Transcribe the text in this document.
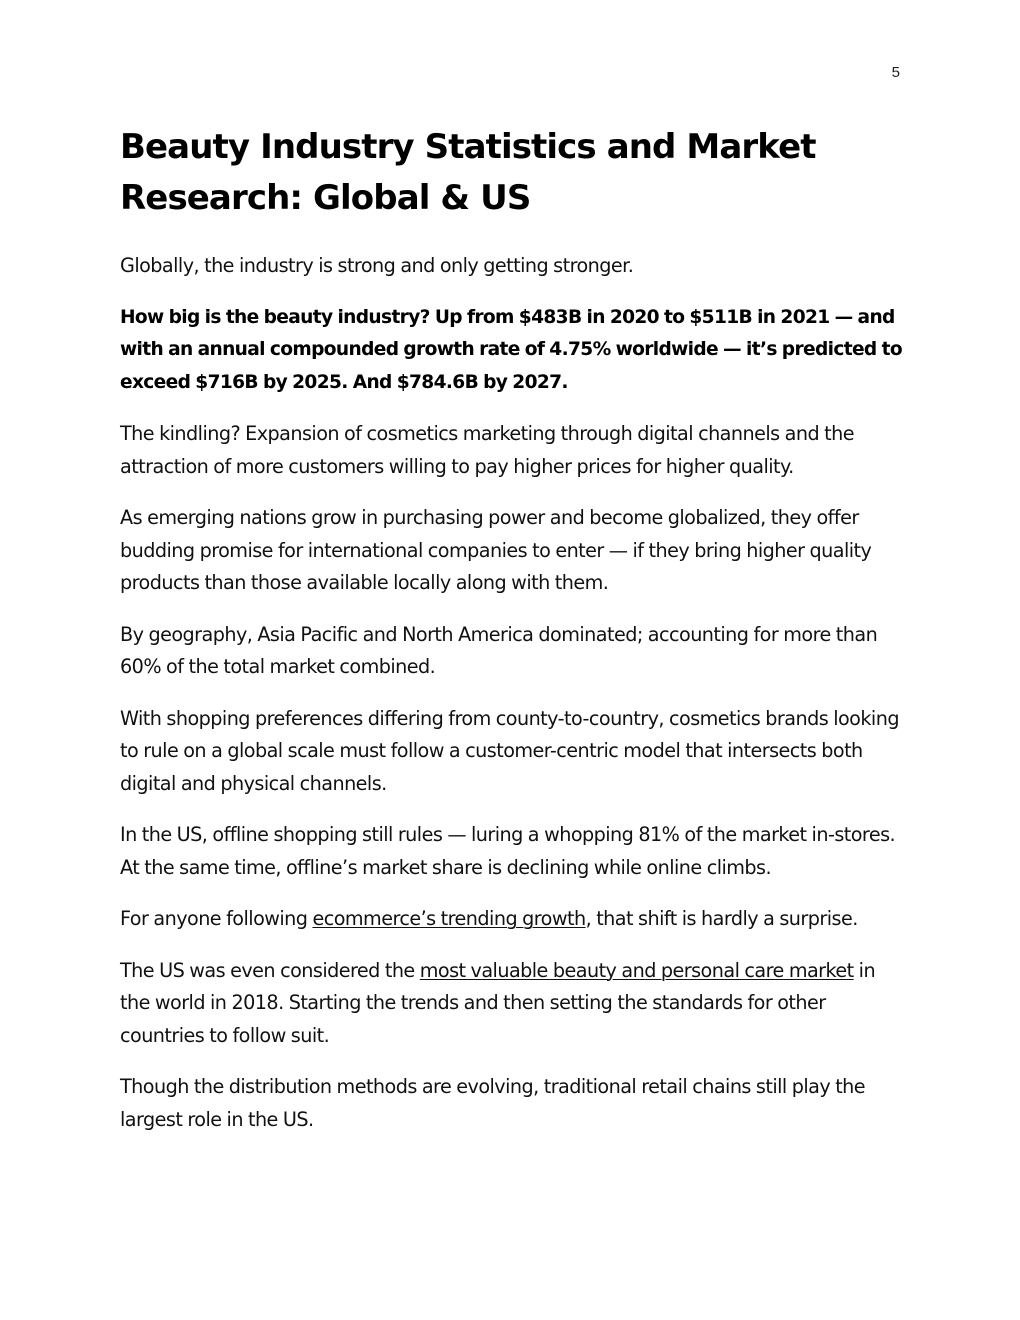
5
Beauty Industry Statistics and Market Research: Global & US

Globally, the industry is strong and only getting stronger.

How big is the beauty industry? Up from $483B in 2020 to $511B in 2021 — and with an annual compounded growth rate of 4.75% worldwide — it’s predicted to exceed $716B by 2025. And $784.6B by 2027.

The kindling? Expansion of cosmetics marketing through digital channels and the attraction of more customers willing to pay higher prices for higher quality.

As emerging nations grow in purchasing power and become globalized, they offer budding promise for international companies to enter — if they bring higher quality products than those available locally along with them.

By geography, Asia Pacific and North America dominated; accounting for more than 60% of the total market combined.

With shopping preferences differing from county-to-country, cosmetics brands looking to rule on a global scale must follow a customer-centric model that intersects both digital and physical channels.

In the US, offline shopping still rules — luring a whopping 81% of the market in-stores. At the same time, offline’s market share is declining while online climbs.

For anyone following ecommerce’s trending growth, that shift is hardly a surprise.

The US was even considered the most valuable beauty and personal care market in the world in 2018. Starting the trends and then setting the standards for other countries to follow suit.

Though the distribution methods are evolving, traditional retail chains still play the largest role in the US.
